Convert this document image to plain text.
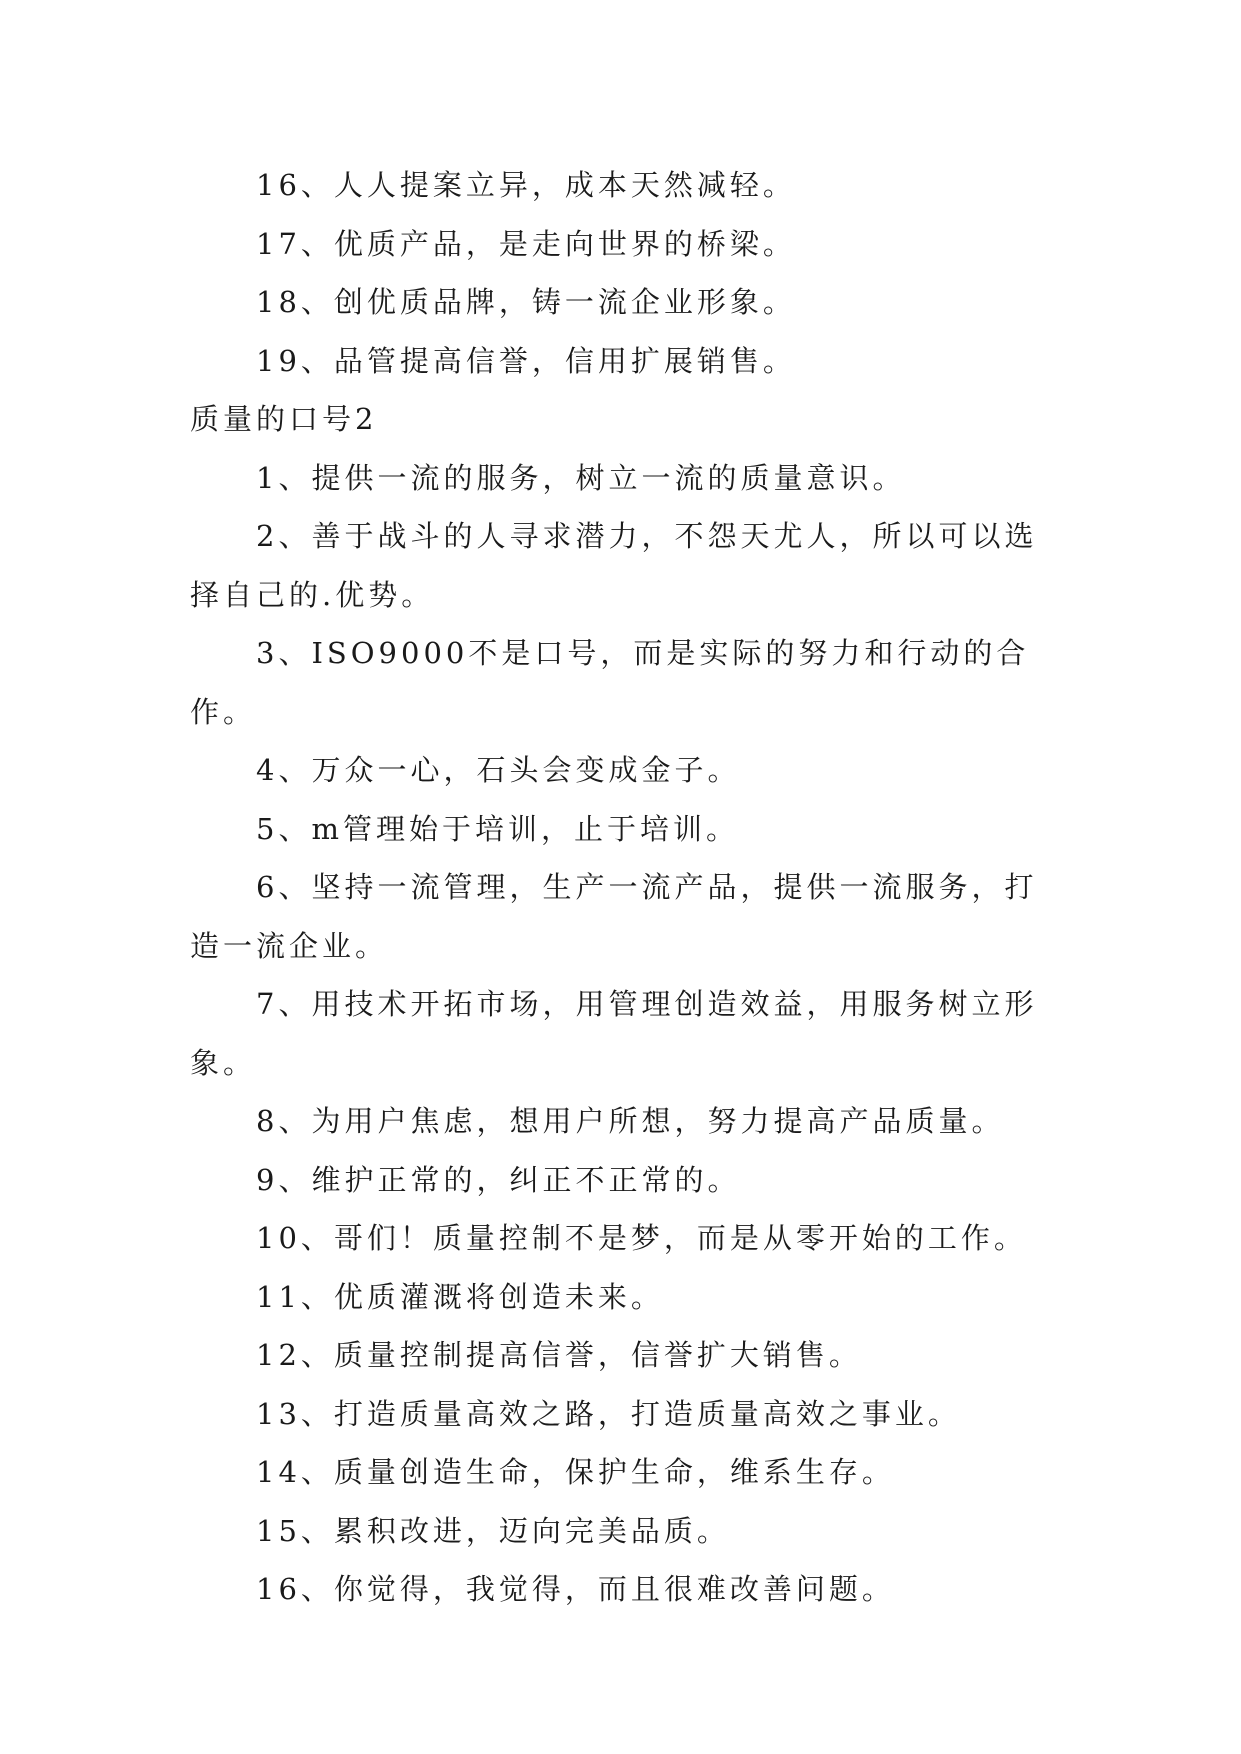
16、人人提案立异，成本天然减轻。

17、优质产品，是走向世界的桥梁。

18、创优质品牌，铸一流企业形象。

19、品管提高信誉，信用扩展销售。

质量的口号2

1、提供一流的服务，树立一流的质量意识。

2、善于战斗的人寻求潜力，不怨天尤人，所以可以选择自己的.优势。

3、ISO9000不是口号，而是实际的努力和行动的合作。

4、万众一心，石头会变成金子。

5、m管理始于培训，止于培训。

6、坚持一流管理，生产一流产品，提供一流服务，打造一流企业。

7、用技术开拓市场，用管理创造效益，用服务树立形象。

8、为用户焦虑，想用户所想，努力提高产品质量。

9、维护正常的，纠正不正常的。

10、哥们！质量控制不是梦，而是从零开始的工作。

11、优质灌溉将创造未来。

12、质量控制提高信誉，信誉扩大销售。

13、打造质量高效之路，打造质量高效之事业。

14、质量创造生命，保护生命，维系生存。

15、累积改进，迈向完美品质。

16、你觉得，我觉得，而且很难改善问题。
